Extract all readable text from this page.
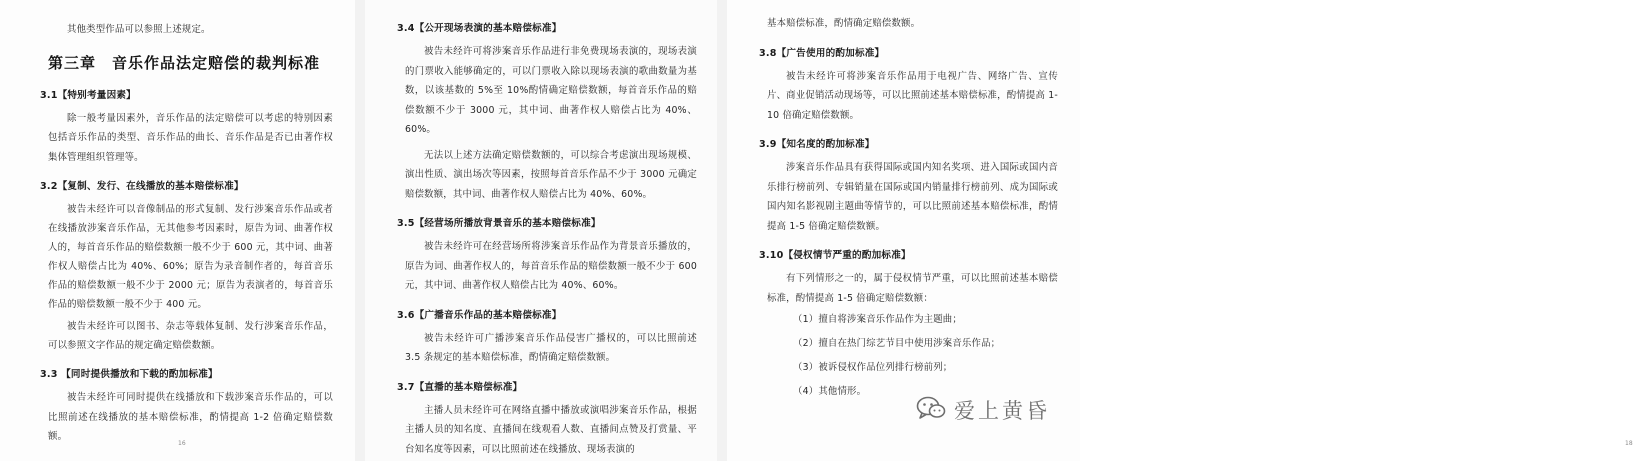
其他类型作品可以参照上述规定。

第三章　音乐作品法定赔偿的裁判标准
3.1【特别考量因素】

除一般考量因素外，音乐作品的法定赔偿可以考虑的特别因素包括音乐作品的类型、音乐作品的曲长、音乐作品是否已由著作权集体管理组织管理等。

3.2【复制、发行、在线播放的基本赔偿标准】

被告未经许可以音像制品的形式复制、发行涉案音乐作品或者在线播放涉案音乐作品，无其他参考因素时，原告为词、曲著作权人的，每首音乐作品的赔偿数额一般不少于 600 元，其中词、曲著作权人赔偿占比为 40%、60%；原告为录音制作者的，每首音乐作品的赔偿数额一般不少于 2000 元；原告为表演者的，每首音乐作品的赔偿数额一般不少于 400 元。

被告未经许可以图书、杂志等载体复制、发行涉案音乐作品，可以参照文字作品的规定确定赔偿数额。

3.3 【同时提供播放和下载的酌加标准】

被告未经许可同时提供在线播放和下载涉案音乐作品的，可以比照前述在线播放的基本赔偿标准，酌情提高 1-2 倍确定赔偿数额。

16
3.4【公开现场表演的基本赔偿标准】

被告未经许可将涉案音乐作品进行非免费现场表演的，现场表演的门票收入能够确定的，可以门票收入除以现场表演的歌曲数量为基数，以该基数的 5%至 10%酌情确定赔偿数额，每首音乐作品的赔偿数额不少于 3000 元，其中词、曲著作权人赔偿占比为 40%、60%。

无法以上述方法确定赔偿数额的，可以综合考虑演出现场规模、演出性质、演出场次等因素，按照每首音乐作品不少于 3000 元确定赔偿数额，其中词、曲著作权人赔偿占比为 40%、60%。

3.5【经营场所播放背景音乐的基本赔偿标准】

被告未经许可在经营场所将涉案音乐作品作为背景音乐播放的，原告为词、曲著作权人的，每首音乐作品的赔偿数额一般不少于 600 元，其中词、曲著作权人赔偿占比为 40%、60%。

3.6【广播音乐作品的基本赔偿标准】

被告未经许可广播涉案音乐作品侵害广播权的，可以比照前述 3.5 条规定的基本赔偿标准，酌情确定赔偿数额。

3.7【直播的基本赔偿标准】

主播人员未经许可在网络直播中播放或演唱涉案音乐作品，根据主播人员的知名度、直播间在线观看人数、直播间点赞及打赏量、平台知名度等因素，可以比照前述在线播放、现场表演的

基本赔偿标准，酌情确定赔偿数额。

3.8【广告使用的酌加标准】

被告未经许可将涉案音乐作品用于电视广告、网络广告、宣传片、商业促销活动现场等，可以比照前述基本赔偿标准，酌情提高 1-10 倍确定赔偿数额。

3.9【知名度的酌加标准】

涉案音乐作品具有获得国际或国内知名奖项、进入国际或国内音乐排行榜前列、专辑销量在国际或国内销量排行榜前列、成为国际或国内知名影视剧主题曲等情节的，可以比照前述基本赔偿标准，酌情提高 1-5 倍确定赔偿数额。

3.10【侵权情节严重的酌加标准】

有下列情形之一的，属于侵权情节严重，可以比照前述基本赔偿标准，酌情提高 1-5 倍确定赔偿数额：

（1）擅自将涉案音乐作品作为主题曲；
（2）擅自在热门综艺节目中使用涉案音乐作品；
（3）被诉侵权作品位列排行榜前列；
（4）其他情形。
18
爱上黄昏
